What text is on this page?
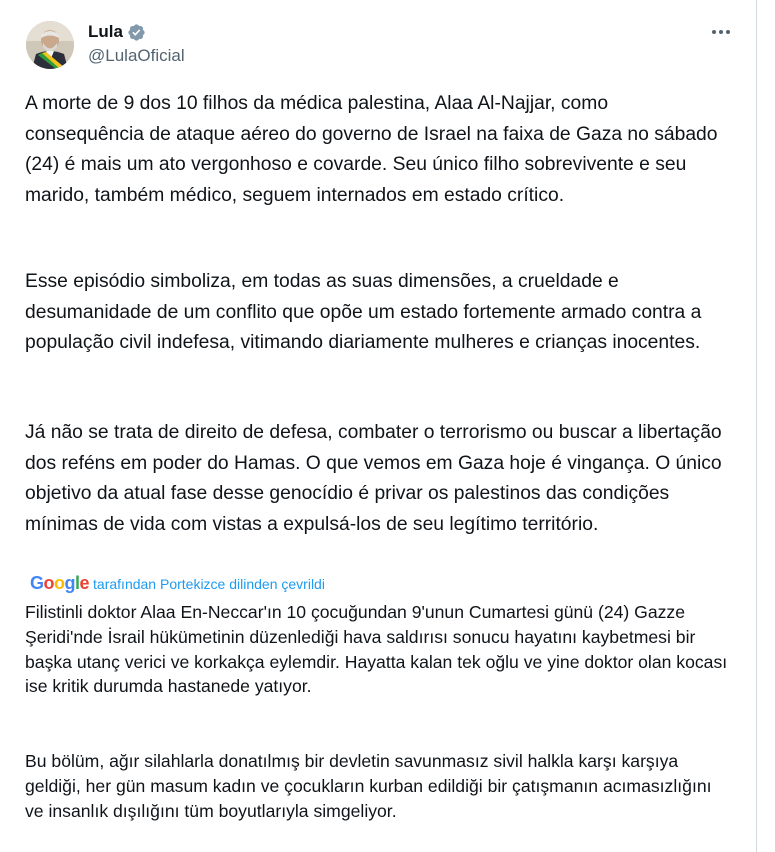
Lula
@LulaOficial

A morte de 9 dos 10 filhos da médica palestina, Alaa Al-Najjar, como consequência de ataque aéreo do governo de Israel na faixa de Gaza no sábado (24) é mais um ato vergonhoso e covarde. Seu único filho sobrevivente e seu marido, também médico, seguem internados em estado crítico.

Esse episódio simboliza, em todas as suas dimensões, a crueldade e desumanidade de um conflito que opõe um estado fortemente armado contra a população civil indefesa, vitimando diariamente mulheres e crianças inocentes.

Já não se trata de direito de defesa, combater o terrorismo ou buscar a libertação dos reféns em poder do Hamas. O que vemos em Gaza hoje é vingança. O único objetivo da atual fase desse genocídio é privar os palestinos das condições mínimas de vida com vistas a expulsá-los de seu legítimo território.

Google tarafından Portekizce dilinden çevrildi

Filistinli doktor Alaa En-Neccar'ın 10 çocuğundan 9'unun Cumartesi günü (24) Gazze Şeridi'nde İsrail hükümetinin düzenlediği hava saldırısı sonucu hayatını kaybetmesi bir başka utanç verici ve korkakça eylemdir. Hayatta kalan tek oğlu ve yine doktor olan kocası ise kritik durumda hastanede yatıyor.

Bu bölüm, ağır silahlarla donatılmış bir devletin savunmasız sivil halkla karşı karşıya geldiği, her gün masum kadın ve çocukların kurban edildiği bir çatışmanın acımasızlığını ve insanlık dışılığını tüm boyutlarıyla simgeliyor.
